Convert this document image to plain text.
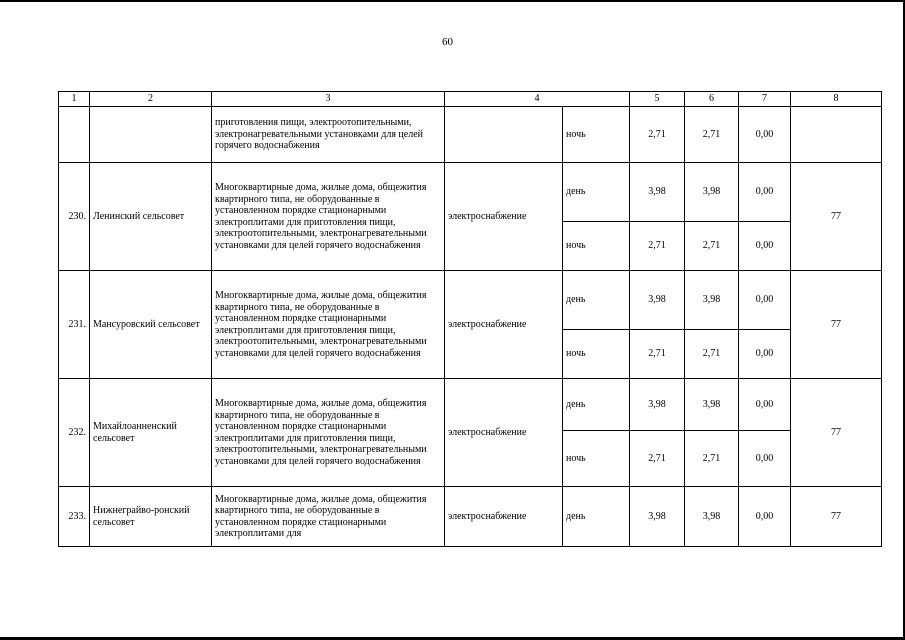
60
1	2	3	4		5	6	7	8
		приготовления пищи, электроотопительными, электронагревательными установками для целей горячего водоснабжения		ночь	2,71	2,71	0,00	
230.	Ленинский сельсовет	Многоквартирные дома, жилые дома, общежития квартирного типа, не оборудованные в установленном порядке стационарными электроплитами для приготовления пищи, электроотопительными, электронагревательными установками для целей горячего водоснабжения	электроснабжение	день	3,98	3,98	0,00	77
				ночь	2,71	2,71	0,00	
231.	Мансуровский сельсовет	Многоквартирные дома, жилые дома, общежития квартирного типа, не оборудованные в установленном порядке стационарными электроплитами для приготовления пищи, электроотопительными, электронагревательными установками для целей горячего водоснабжения	электроснабжение	день	3,98	3,98	0,00	77
				ночь	2,71	2,71	0,00	
232.	Михайлоанненский сельсовет	Многоквартирные дома, жилые дома, общежития квартирного типа, не оборудованные в установленном порядке стационарными электроплитами для приготовления пищи, электроотопительными, электронагревательными установками для целей горячего водоснабжения	электроснабжение	день	3,98	3,98	0,00	77
				ночь	2,71	2,71	0,00	
233.	Нижнеграйво-ронский сельсовет	Многоквартирные дома, жилые дома, общежития квартирного типа, не оборудованные в установленном порядке стационарными электроплитами для	электроснабжение	день	3,98	3,98	0,00	77
